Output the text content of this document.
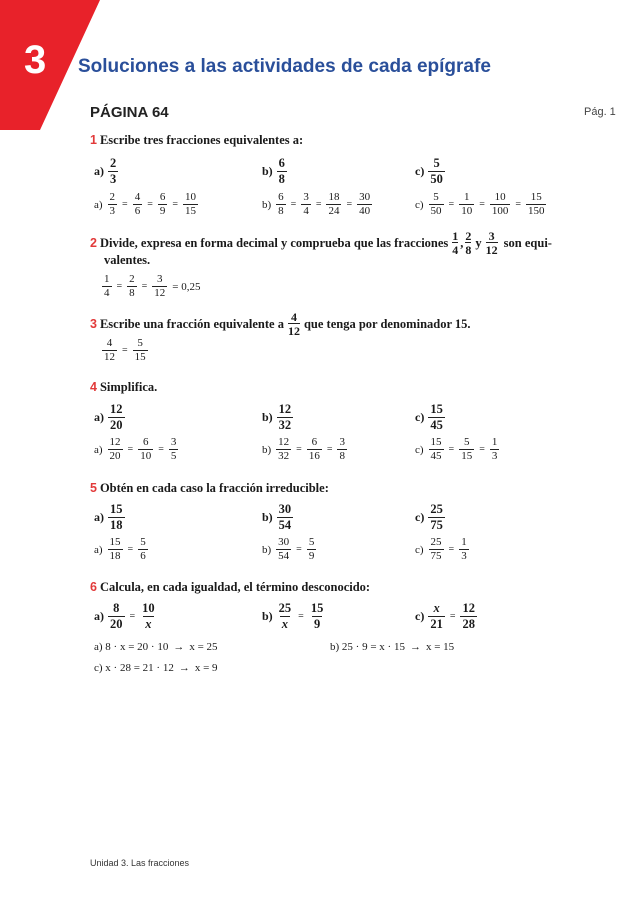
3 Soluciones a las actividades de cada epígrafe
PÁGINA 64	Pág. 1
1 Escribe tres fracciones equivalentes a:
$a) \frac{2}{3}$	$b) \frac{6}{8}$	$c) \frac{5}{50}$
$a) \frac{2}{3} = \frac{4}{6} = \frac{6}{9} = \frac{10}{15}$	$b) \frac{6}{8} = \frac{3}{4} = \frac{18}{24} = \frac{30}{40}$	$c) \frac{5}{50} = \frac{1}{10} = \frac{10}{100} = \frac{15}{150}$
2 Divide, expresa en forma decimal y comprueba que las fracciones $\frac{1}{4}$ , $\frac{2}{8}$ y $\frac{3}{12}$ son equi-
valentes.
$\frac{1}{4} = \frac{2}{8} = \frac{3}{12} = 0,25$
3 Escribe una fracción equivalente a $\frac{4}{12}$ que tenga por denominador 15.
$\frac{4}{12} = \frac{5}{15}$
4 Simplifica.
$a) \frac{12}{20}$	$b) \frac{12}{32}$	$c) \frac{15}{45}$
$a) \frac{12}{20} = \frac{6}{10} = \frac{3}{5}$	$b) \frac{12}{32} = \frac{6}{16} = \frac{3}{8}$	$c) \frac{15}{45} = \frac{5}{15} = \frac{1}{3}$
5 Obtén en cada caso la fracción irreducible:
$a) \frac{15}{18}$	$b) \frac{30}{54}$	$c) \frac{25}{75}$
$a) \frac{15}{18} = \frac{5}{6}$	$b) \frac{30}{54} = \frac{5}{9}$	$c) \frac{25}{75} = \frac{1}{3}$
6 Calcula, en cada igualdad, el término desconocido:
$a) \frac{8}{20} = \frac{10}{x}$	$b) \frac{25}{x} = \frac{15}{9}$	$c) \frac{x}{21} = \frac{12}{28}$
a) 8 · x = 20 · 10 → x = 25	b) 25 · 9 = x · 15 → x = 15
c) x · 28 = 21 · 12 → x = 9
Unidad 3. Las fracciones
